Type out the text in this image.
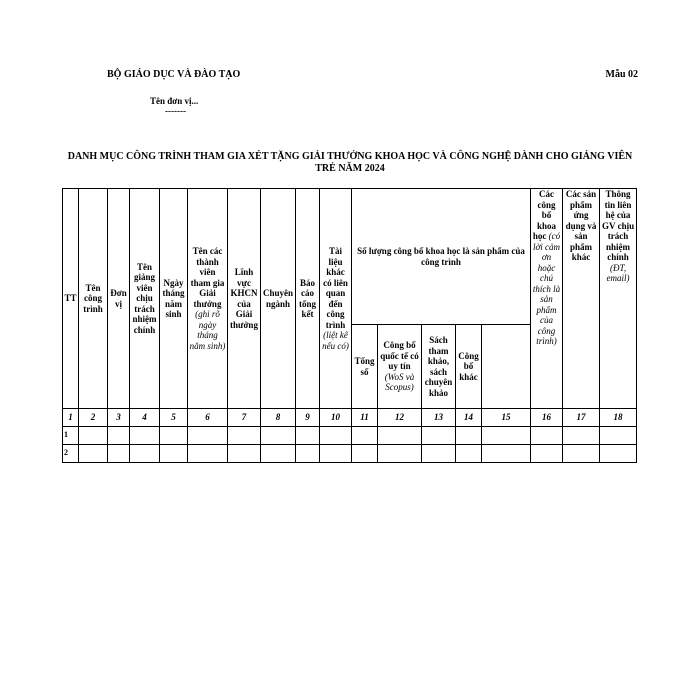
BỘ GIÁO DỤC VÀ ĐÀO TẠO	Mẫu 02
Tên đơn vị...
-------
DANH MỤC CÔNG TRÌNH THAM GIA XÉT TẶNG GIẢI THƯỞNG KHOA HỌC VÀ CÔNG NGHỆ DÀNH CHO GIẢNG VIÊN TRẺ NĂM 2024
TT	Tên công trình	Đơn vị	Tên giảng viên chịu trách nhiệm chính	Ngày tháng năm sinh	Tên các thành viên tham gia Giải thưởng (ghi rõ ngày tháng năm sinh)	Lĩnh vực KHCN của Giải thưởng	Chuyên ngành	Báo cáo tổng kết	Tài liệu khác có liên quan đến công trình (liệt kê nếu có)	Số lượng công bố khoa học là sản phẩm của công trình					Các công bố khoa học (có lời cảm ơn hoặc chú thích là sản phẩm của công trình)	Các sản phẩm ứng dụng và sản phẩm khác	Thông tin liên hệ của GV chịu trách nhiệm chính (ĐT, email)	
										Tổng số	Công bố quốc tế có uy tín (WoS và Scopus)	Sách tham khảo, sách chuyên khảo	Công bố khác					
1	2	3	4	5	6	7	8	9	10	11	12	13	14	15	16	17	18	
1																		
2																		
